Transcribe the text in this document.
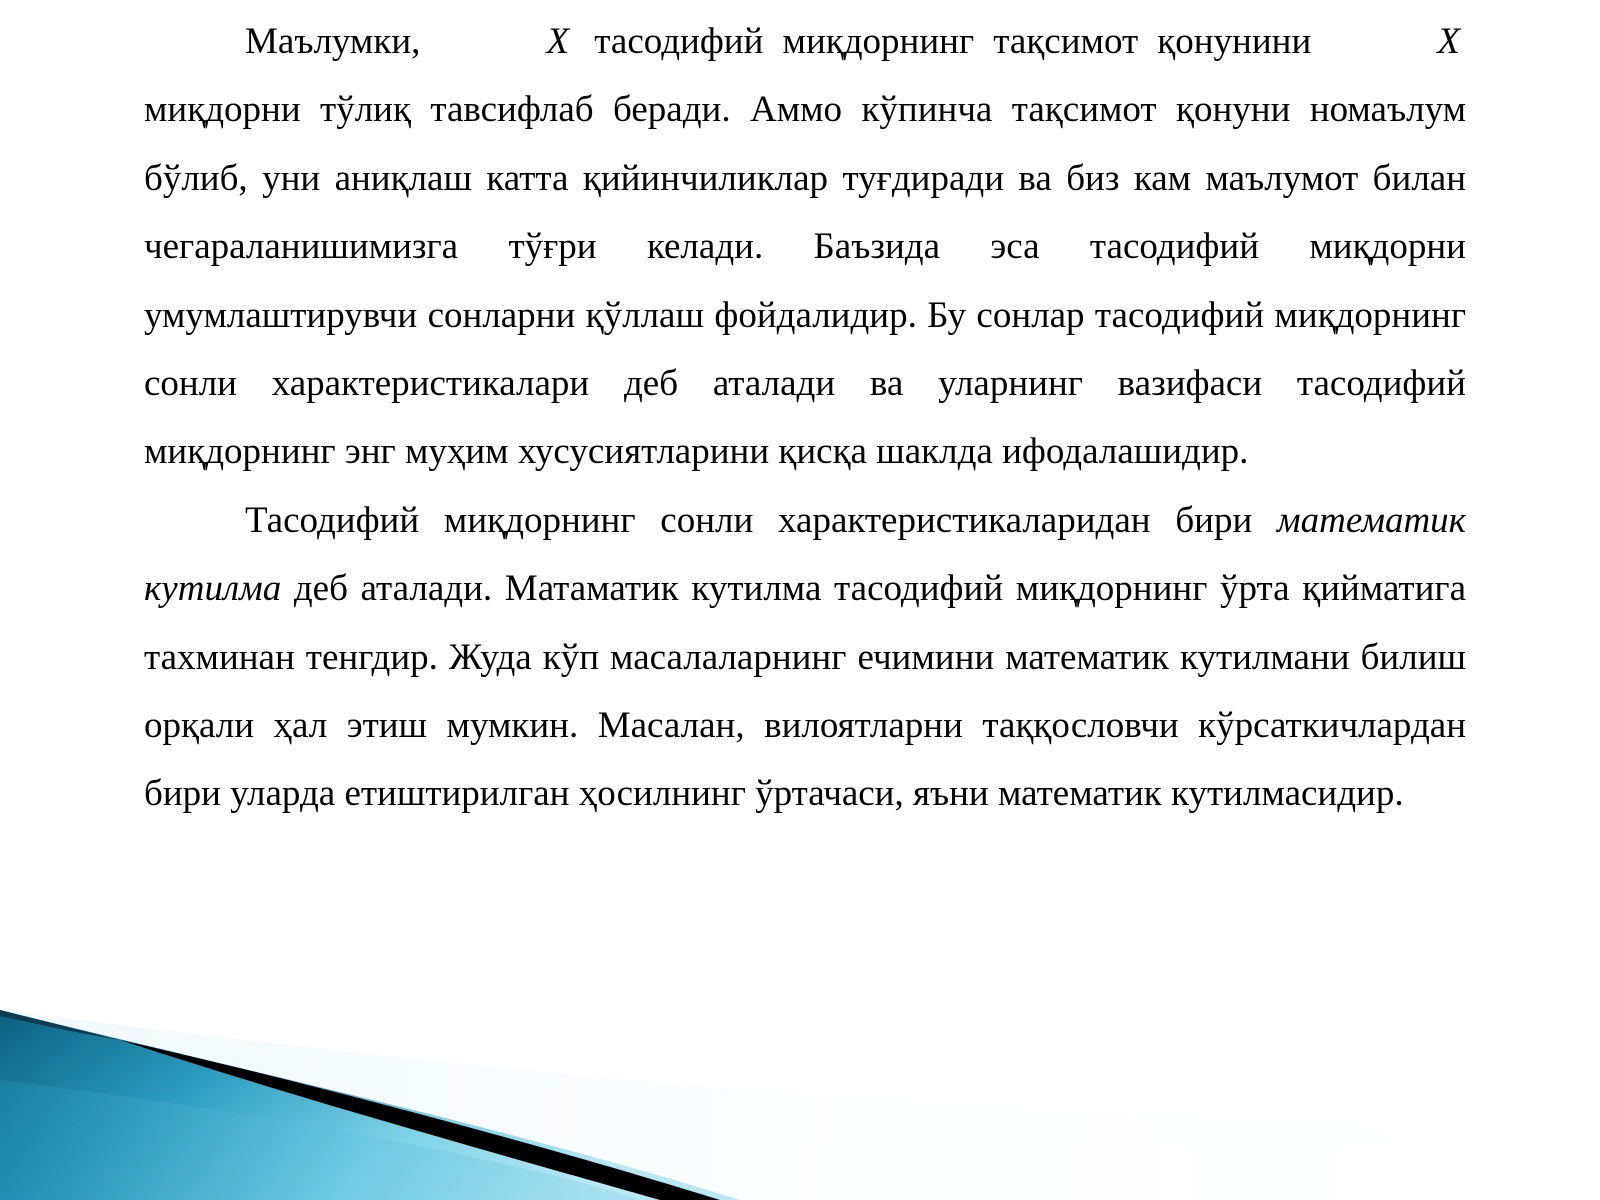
Маълумки,	X тасодифий миқдорнинг тақсимот қонунини	X миқдорни тўлиқ тавсифлаб беради. Аммо кўпинча тақсимот қонуни номаълум бўлиб, уни аниқлаш катта қийинчиликлар туғдиради ва биз кам маълумот билан чегараланишимизга тўғри келади. Баъзида эса тасодифий миқдорни умумлаштирувчи сонларни қўллаш фойдалидир. Бу сонлар тасодифий миқдорнинг сонли характеристикалари деб аталади ва уларнинг вазифаси тасодифий миқдорнинг энг муҳим хусусиятларини қисқа шаклда ифодалашидир.

Тасодифий миқдорнинг сонли характеристикаларидан бири математик кутилма деб аталади. Матаматик кутилма тасодифий миқдорнинг ўрта қийматига тахминан тенгдир. Жуда кўп масалаларнинг ечимини математик кутилмани билиш орқали ҳал этиш мумкин. Масалан, вилоятларни таққословчи кўрсаткичлардан бири уларда етиштирилган ҳосилнинг ўртачаси, яъни математик кутилмасидир.
